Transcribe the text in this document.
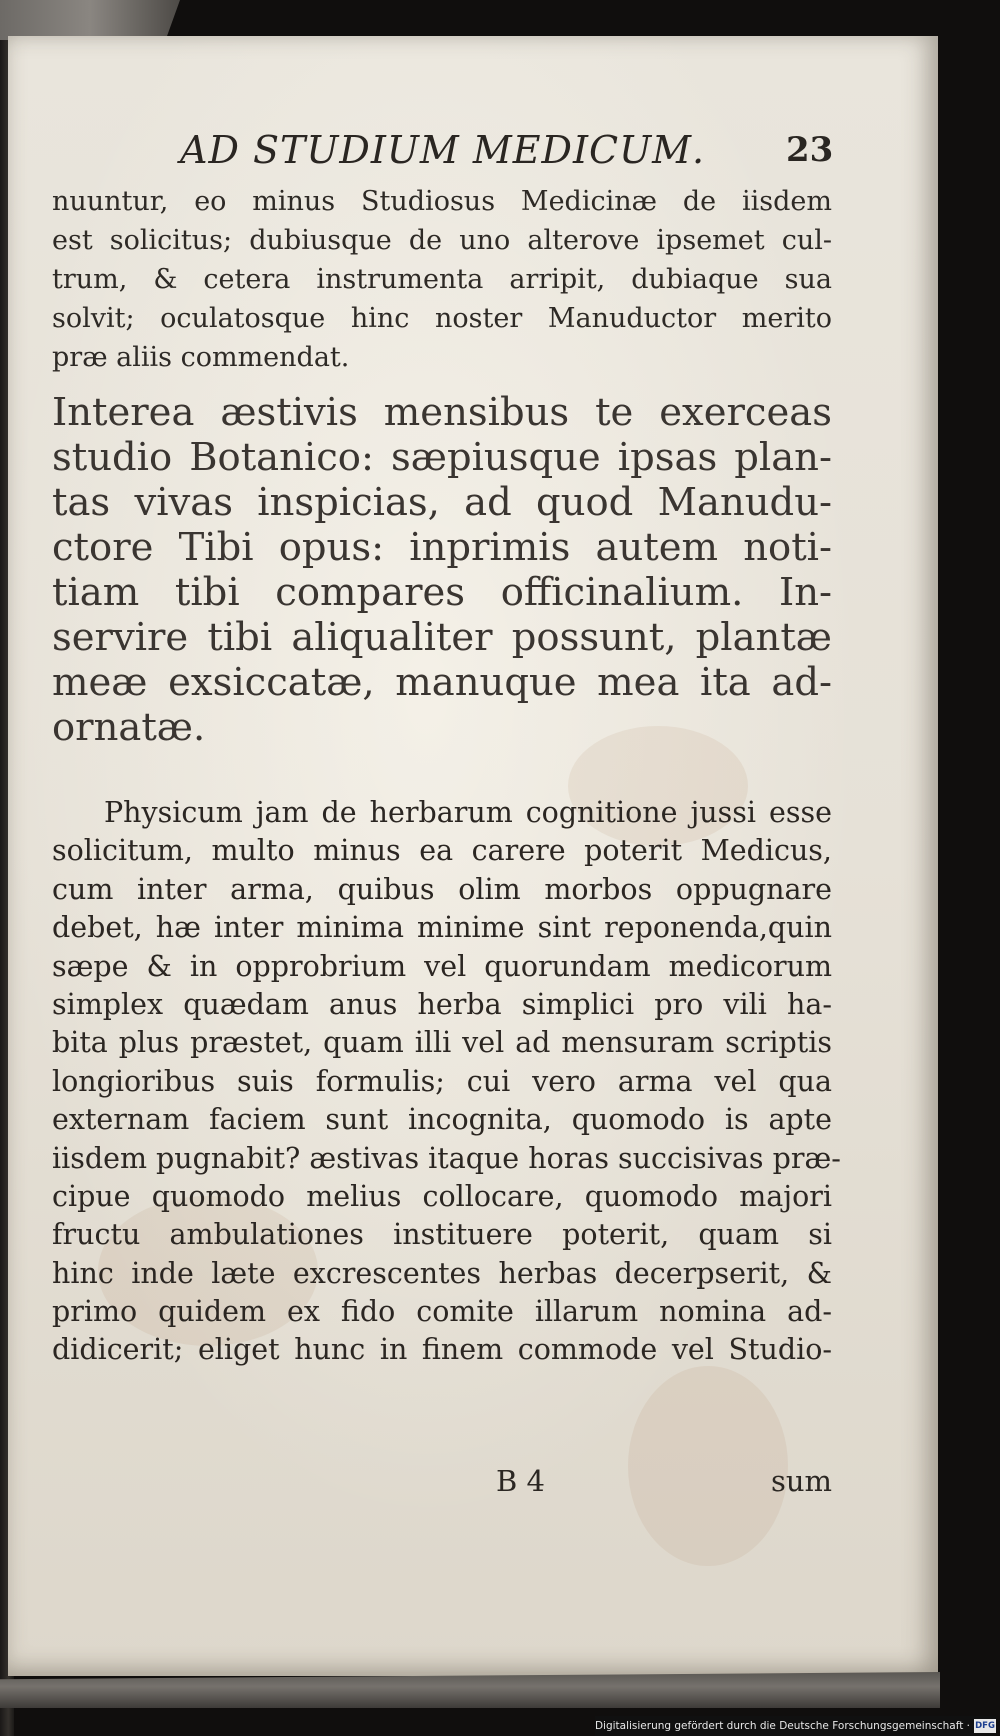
AD STUDIUM MEDICUM. 23
nuuntur, eo minus Studiosus Medicinæ de iisdem
est solicitus; dubiusque de uno alterove ipsemet cul-
trum, & cetera instrumenta arripit, dubiaque sua
solvit; oculatosque hinc noster Manuductor merito
præ aliis commendat.
Interea æstivis mensibus te exerceas
studio Botanico: sæpiusque ipsas plan-
tas vivas inspicias, ad quod Manudu-
ctore Tibi opus: inprimis autem noti-
tiam tibi compares officinalium. In-
servire tibi aliqualiter possunt, plantæ
meæ exsiccatæ, manuque mea ita ad-
ornatæ.
Physicum jam de herbarum cognitione jussi esse
solicitum, multo minus ea carere poterit Medicus,
cum inter arma, quibus olim morbos oppugnare
debet, hæ inter minima minime sint reponenda,quin
sæpe & in opprobrium vel quorundam medicorum
simplex quædam anus herba simplici pro vili ha-
bita plus præstet, quam illi vel ad mensuram scriptis
longioribus suis formulis; cui vero arma vel qua
externam faciem sunt incognita, quomodo is apte
iisdem pugnabit? æstivas itaque horas succisivas præ-
cipue quomodo melius collocare, quomodo majori
fructu ambulationes instituere poterit, quam si
hinc inde læte excrescentes herbas decerpserit, &
primo quidem ex fido comite illarum nomina ad-
didicerit; eliget hunc in finem commode vel Studio-
B 4	sum
Digitalisierung gefördert durch die Deutsche Forschungsgemeinschaft · DFG
